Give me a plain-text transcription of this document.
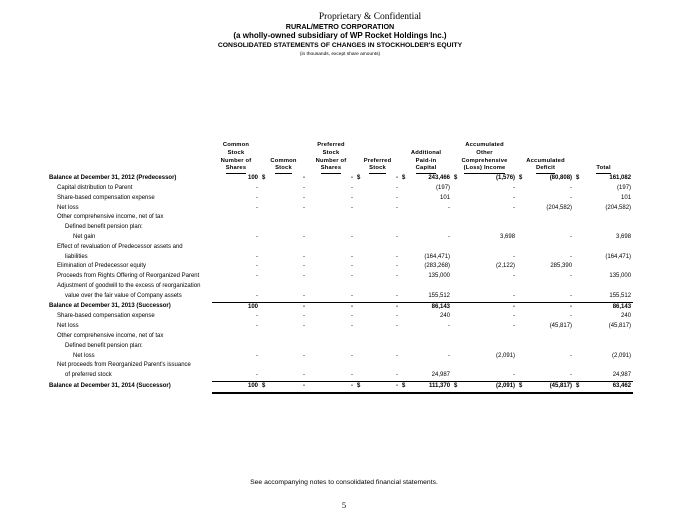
Proprietary & Confidential
RURAL/METRO CORPORATION
(a wholly-owned subsidiary of WP Rocket Holdings Inc.)
CONSOLIDATED STATEMENTS OF CHANGES IN STOCKHOLDER'S EQUITY
(in thousands, except share amounts)
	Common
Stock
Number of
Shares	Common
Stock		Preferred
Stock
Number of
Shares	Preferred
Stock		Additional
Paid-in
Capital		Accumulated
Other
Comprehensive
(Loss) Income		Accumulated
Deficit		Total	
Balance at December 31, 2012 (Predecessor)	100	$	-	-	$	-	$	243,466	$	(1,576)	$	(80,808)	$	161,082
Capital distribution to Parent	-		-	-		-		(197)		-		-		(197)
Share-based compensation expense	-		-	-		-		101		-		-		101
Net loss	-		-	-		-		-		-		(204,582)		(204,582)
Other comprehensive income, net of tax														
Defined benefit pension plan:														
Net gain	-		-	-		-		-		3,698		-		3,698
Effect of revaluation of Predecessor assets and														
liabilities	-		-	-		-		(164,471)		-		-		(164,471)
Elimination of Predecessor equity	-		-	-		-		(283,268)		(2,122)		285,390		
Proceeds from Rights Offering of Reorganized Parent	-		-	-		-		135,000		-		-		135,000
Adjustment of goodwill to the excess of reorganization														
value over the fair value of Company assets	-		-	-		-		155,512		-		-		155,512
Balance at December 31, 2013 (Successor)	100		-	-		-		86,143		-		-		86,143
Share-based compensation expense	-		-	-		-		240		-		-		240
Net loss	-		-	-		-		-		-		(45,817)		(45,817)
Other comprehensive income, net of tax														
Defined benefit pension plan:														
Net loss	-		-	-		-		-		(2,091)		-		(2,091)
Net proceeds from Reorganized Parent's issuance														
of preferred stock	-		-	-		-		24,987		-		-		24,987
Balance at December 31, 2014 (Successor)	100	$	-	-	$	-	$	111,370	$	(2,091)	$	(45,817)	$	63,462
See accompanying notes to consolidated financial statements.
5
